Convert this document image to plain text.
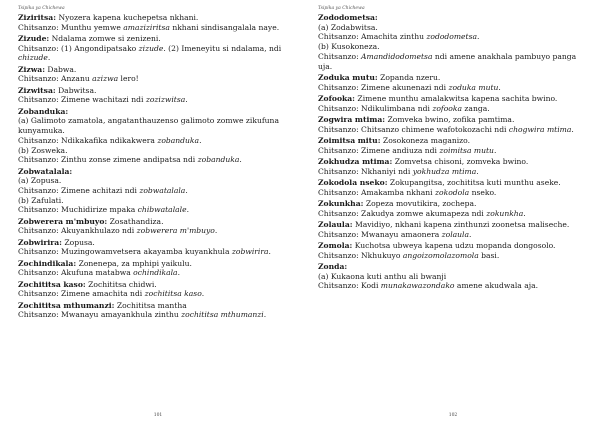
Tsipika ya Chichewa
Ziziritsa: Nyozera kapena kuchepetsa nkhani.
Chitsanzo: Munthu yemwe amaziziritsa nkhani sindisangalala naye.
Zizude: Ndalama zomwe si zenizeni.
Chitsanzo: (1) Angondipatsako zizude. (2) Imeneyitu si ndalama, ndi chizude.
Zizwa: Dabwa.
Chitsanzo: Anzanu azizwa lero!
Zizwitsa: Dabwitsa.
Chitsanzo: Zimene wachitazi ndi zozizwitsa.
Zobanduka:
(a) Galimoto zamatola, angatanthauzenso galimoto zomwe zikufuna kunyamuka.
Chitsanzo: Ndikakafika ndikakwera zobanduka.
(b) Zosweka.
Chitsanzo: Zinthu zonse zimene andipatsa ndi zobanduka.
Zobwatalala:
(a) Zopusa.
Chitsanzo: Zimene achitazi ndi zobwatalala.
(b) Zafulati.
Chitsanzo: Muchidirize mpaka chibwatalale.
Zobwerera m'mbuyo: Zosathandiza.
Chitsanzo: Akuyankhulazo ndi zobwerera m'mbuyo.
Zobwirira: Zopusa.
Chitsanzo: Muzingowamvetsera akayamba kuyankhula zobwirira.
Zochindikala: Zonenepa, za mphipi yaikulu.
Chitsanzo: Akufuna matabwa ochindikala.
Zochititsa kaso: Zochititsa chidwi.
Chitsanzo: Zimene amachita ndi zochititsa kaso.
Zochititsa mthumanzi: Zochititsa mantha
Chitsanzo: Mwanayu amayankhula zinthu zochititsa mthumanzi.
101
Tsipika ya Chichewa
Zododometsa:
(a) Zodabwitsa.
Chitsanzo: Amachita zinthu zododometsa.
(b) Kusokoneza.
Chitsanzo: Amandidodometsa ndi amene anakhala pambuyo panga uja.
Zoduka mutu: Zopanda nzeru.
Chitsanzo: Zimene akunenazi ndi zoduka mutu.
Zofooka: Zimene munthu amalakwitsa kapena sachita bwino.
Chitsanzo: Ndikulimbana ndi zofooka zanga.
Zogwira mtima: Zomveka bwino, zofika pamtima.
Chitsanzo: Chitsanzo chimene wafotokozachi ndi chogwira mtima.
Zoimitsa mitu: Zosokoneza maganizo.
Chitsanzo: Zimene andiuza ndi zoimitsa mutu.
Zokhudza mtima: Zomvetsa chisoni, zomveka bwino.
Chitsanzo: Nkhaniyi ndi yokhudza mtima.
Zokodola nseko: Zokupangitsa, zochititsa kuti munthu aseke.
Chitsanzo: Amakamba nkhani zokodola nseko.
Zokunkha: Zopeza movutikira, zochepa.
Chitsanzo: Zakudya zomwe akumapeza ndi zokunkha.
Zolaula: Mavidiyo, nkhani kapena zinthunzi zoonetsa maliseche.
Chitsanzo: Mwanayu amaonera zolaula.
Zomola: Kuchotsa ubweya kapena udzu mopanda dongosolo.
Chitsanzo: Nkhukuyo angoizomolazomola basi.
Zonda:
(a) Kukaona kuti anthu ali bwanji
Chitsanzo: Kodi munakawazondako amene akudwala aja.
102
